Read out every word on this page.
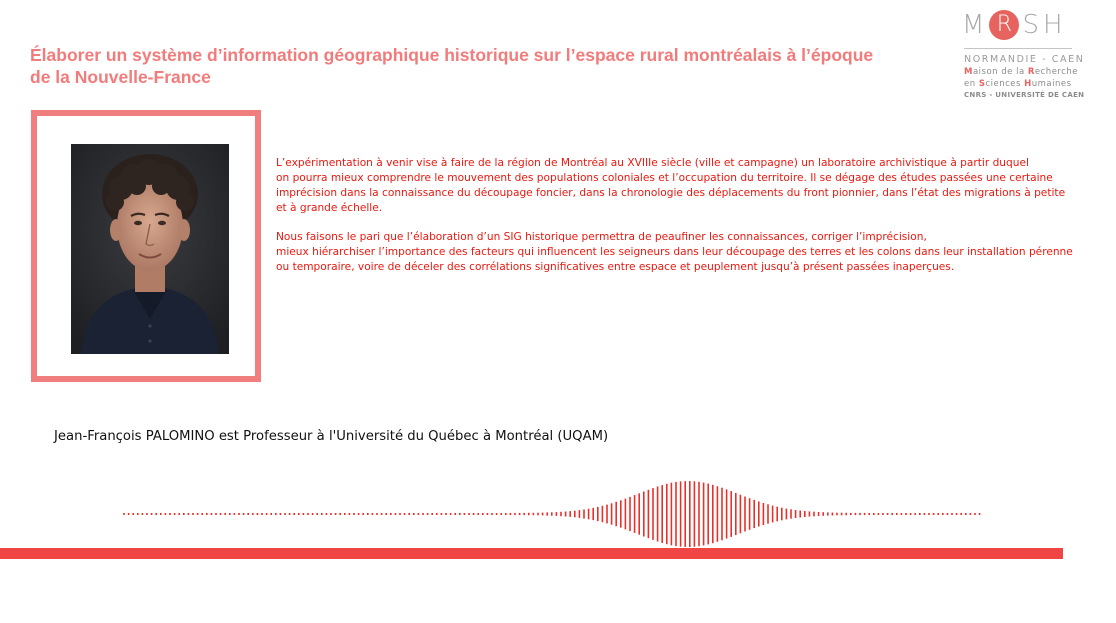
Élaborer un système d’information géographique historique sur l’espace rural montréalais à l’époque
de la Nouvelle-France
M R SH
NORMANDIE - CAEN
Maison de la Recherche
en Sciences Humaines
CNRS - UNIVERSITÉ DE CAEN
L’expérimentation à venir vise à faire de la région de Montréal au XVIIIe siècle (ville et campagne) un laboratoire archivistique à partir duquel
on pourra mieux comprendre le mouvement des populations coloniales et l’occupation du territoire. Il se dégage des études passées une certaine
imprécision dans la connaissance du découpage foncier, dans la chronologie des déplacements du front pionnier, dans l’état des migrations à petite
et à grande échelle.
Nous faisons le pari que l’élaboration d’un SIG historique permettra de peaufiner les connaissances, corriger l’imprécision,
mieux hiérarchiser l’importance des facteurs qui influencent les seigneurs dans leur découpage des terres et les colons dans leur installation pérenne
ou temporaire, voire de déceler des corrélations significatives entre espace et peuplement jusqu’à présent passées inaperçues.
Jean-François PALOMINO est Professeur à l'Université du Québec à Montréal (UQAM)
